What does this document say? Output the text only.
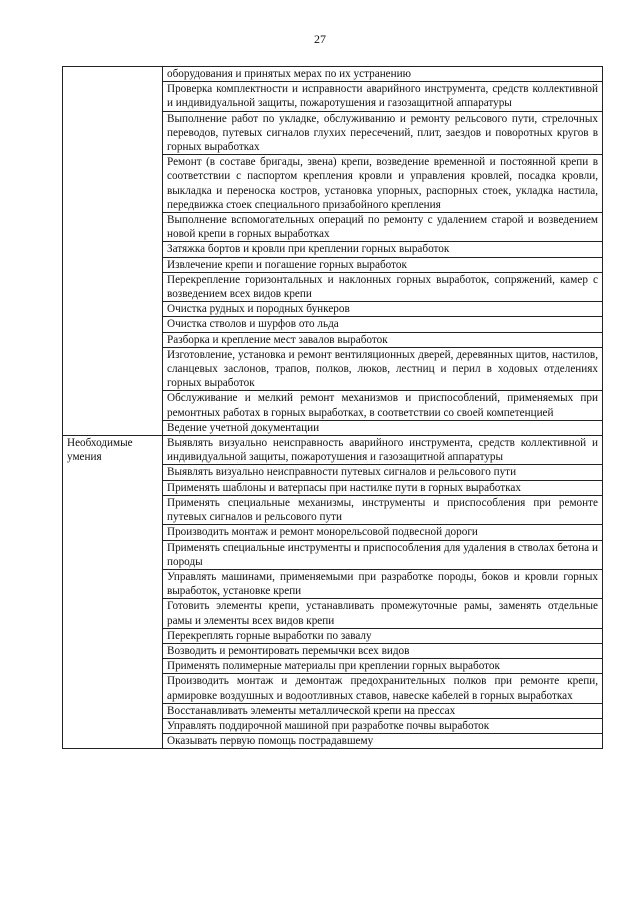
27
	оборудования и принятых мерах по их устранению
	Проверка комплектности и исправности аварийного инструмента, средств коллективной и индивидуальной защиты, пожаротушения и газозащитной аппаратуры
	Выполнение работ по укладке, обслуживанию и ремонту рельсового пути, стрелочных переводов, путевых сигналов глухих пересечений, плит, заездов и поворотных кругов в горных выработках
	Ремонт (в составе бригады, звена) крепи, возведение временной и постоянной крепи в соответствии с паспортом крепления кровли и управления кровлей, посадка кровли, выкладка и переноска костров, установка упорных, распорных стоек, укладка настила, передвижка стоек специального призабойного крепления
	Выполнение вспомогательных операций по ремонту с удалением старой и возведением новой крепи в горных выработках
	Затяжка бортов и кровли при креплении горных выработок
	Извлечение крепи и погашение горных выработок
	Перекрепление горизонтальных и наклонных горных выработок, сопряжений, камер с возведением всех видов крепи
	Очистка рудных и породных бункеров
	Очистка стволов и шурфов ото льда
	Разборка и крепление мест завалов выработок
	Изготовление, установка и ремонт вентиляционных дверей, деревянных щитов, настилов, сланцевых заслонов, трапов, полков, люков, лестниц и перил в ходовых отделениях горных выработок
	Обслуживание и мелкий ремонт механизмов и приспособлений, применяемых при ремонтных работах в горных выработках, в соответствии со своей компетенцией
	Ведение учетной документации
Необходимые умения	Выявлять визуально неисправность аварийного инструмента, средств коллективной и индивидуальной защиты, пожаротушения и газозащитной аппаратуры
	Выявлять визуально неисправности путевых сигналов и рельсового пути
	Применять шаблоны и ватерпасы при настилке пути в горных выработках
	Применять специальные механизмы, инструменты и приспособления при ремонте путевых сигналов и рельсового пути
	Производить монтаж и ремонт монорельсовой подвесной дороги
	Применять специальные инструменты и приспособления для удаления в стволах бетона и породы
	Управлять машинами, применяемыми при разработке породы, боков и кровли горных выработок, установке крепи
	Готовить элементы крепи, устанавливать промежуточные рамы, заменять отдельные рамы и элементы всех видов крепи
	Перекреплять горные выработки по завалу
	Возводить и ремонтировать перемычки всех видов
	Применять полимерные материалы при креплении горных выработок
	Производить монтаж и демонтаж предохранительных полков при ремонте крепи, армировке воздушных и водоотливных ставов, навеске кабелей в горных выработках
	Восстанавливать элементы металлической крепи на прессах
	Управлять поддирочной машиной при разработке почвы выработок
	Оказывать первую помощь пострадавшему
